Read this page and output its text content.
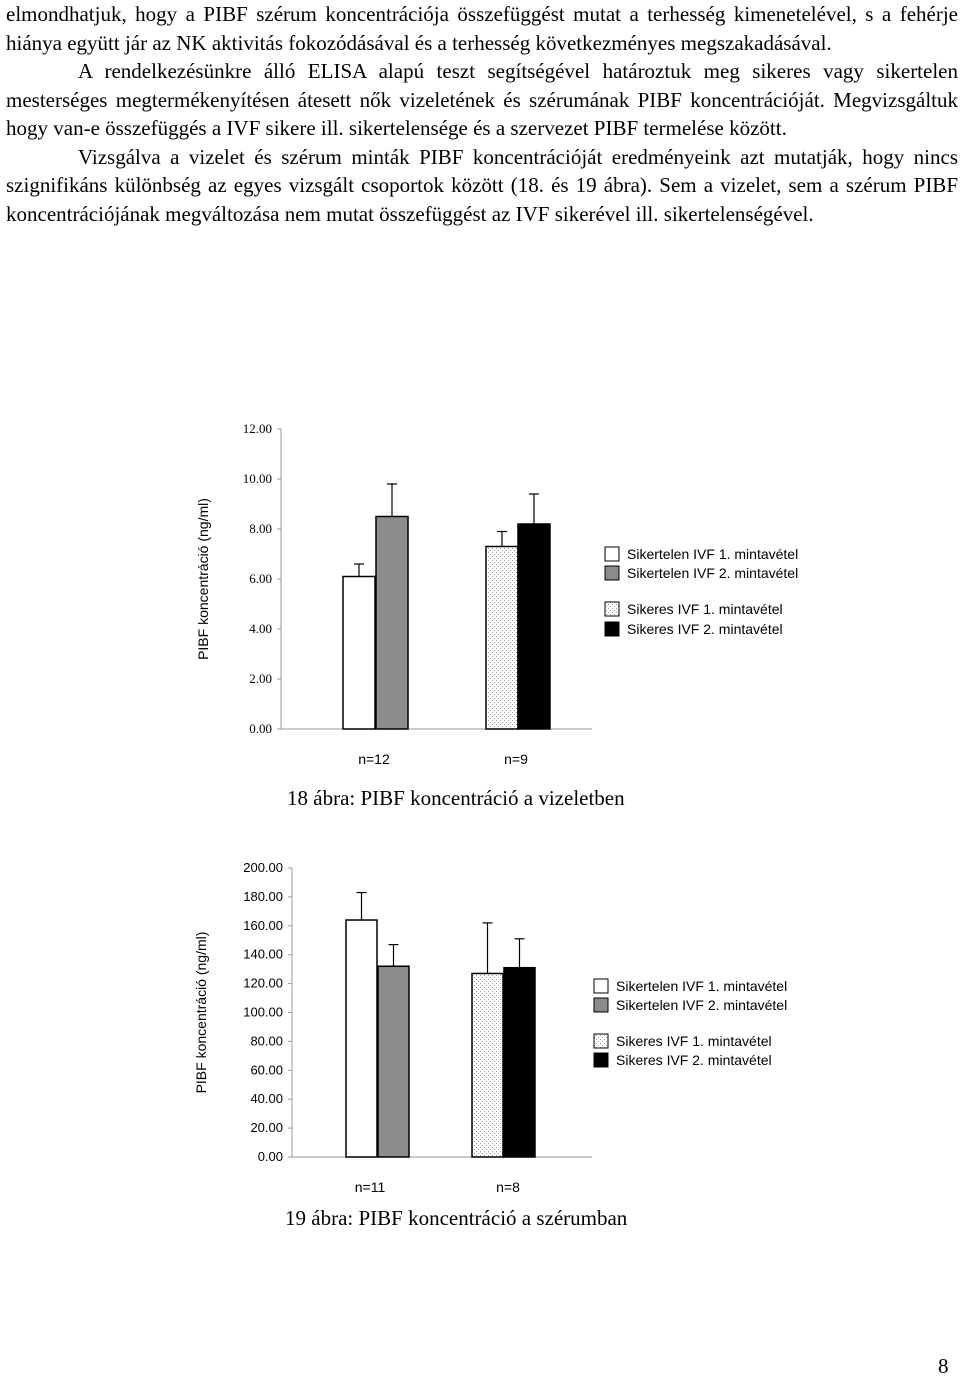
elmondhatjuk, hogy a PIBF szérum koncentrációja összefüggést mutat a terhesség kimenetelével, s a fehérje hiánya együtt jár az NK aktivitás fokozódásával és a terhesség következményes megszakadásával.

A rendelkezésünkre álló ELISA alapú teszt segítségével határoztuk meg sikeres vagy sikertelen mesterséges megtermékenyítésen átesett nők vizeletének és szérumának PIBF koncentrációját. Megvizsgáltuk hogy van-e összefüggés a IVF sikere ill. sikertelensége és a szervezet PIBF termelése között.

Vizsgálva a vizelet és szérum minták PIBF koncentrációját eredményeink azt mutatják, hogy nincs szignifikáns különbség az egyes vizsgált csoportok között (18. és 19 ábra). Sem a vizelet, sem a szérum PIBF koncentrációjának megváltozása nem mutat összefüggést az IVF sikerével ill. sikertelenségével.

0.00
2.00
4.00
6.00
8.00
10.00
12.00
PIBF koncentráció (ng/ml)
n=12	n=9
Sikertelen IVF 1. mintavétel
Sikertelen IVF 2. mintavétel
Sikeres IVF 1. mintavétel
Sikeres IVF 2. mintavétel
18 ábra: PIBF koncentráció a vizeletben
0.00
20.00
40.00
60.00
80.00
100.00
120.00
140.00
160.00
180.00
200.00
PIBF koncentráció (ng/ml)
n=11	n=8
Sikertelen IVF 1. mintavétel
Sikertelen IVF 2. mintavétel
Sikeres IVF 1. mintavétel
Sikeres IVF 2. mintavétel
19 ábra: PIBF koncentráció a szérumban
8
